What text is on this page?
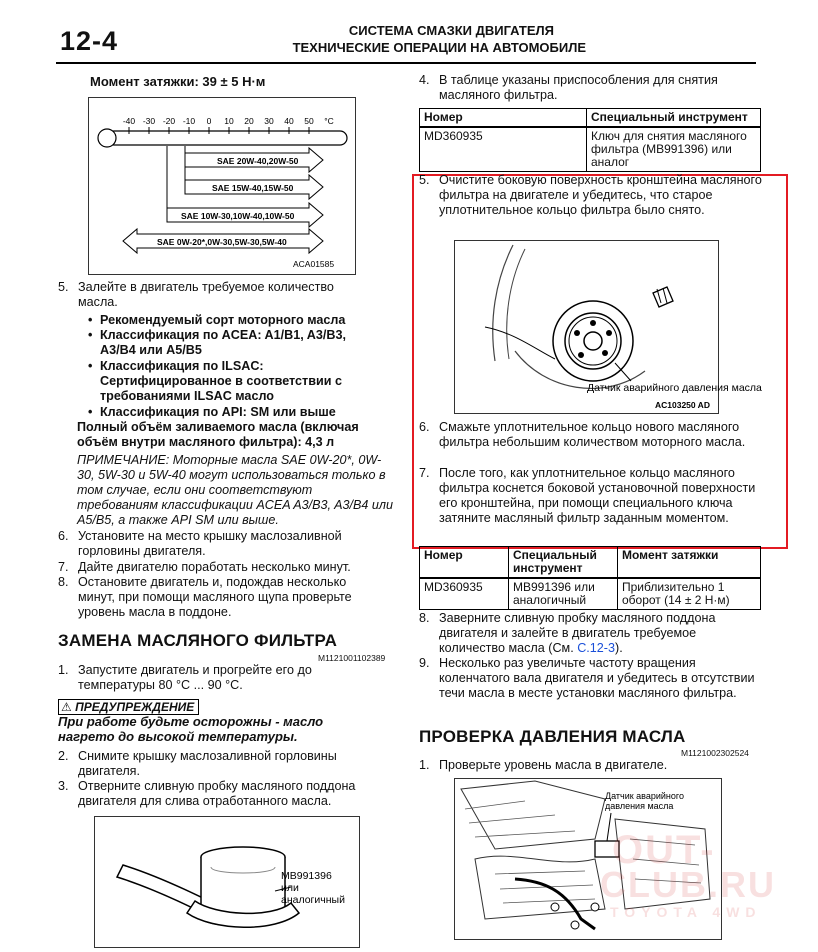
12-4	СИСТЕМА СМАЗКИ ДВИГАТЕЛЯ
ТЕХНИЧЕСКИЕ ОПЕРАЦИИ НА АВТОМОБИЛЕ
Момент затяжки: 39 ± 5 Н·м
-40 -30 -20 -10 0 10 20 30 40 50 °C
SAE 20W-40,20W-50
SAE 15W-40,15W-50
SAE 10W-30,10W-40,10W-50
SAE 0W-20*,0W-30,5W-30,5W-40
ACA01585
5. Залейте в двигатель требуемое количество масла.
• Рекомендуемый сорт моторного масла
• Классификация по ACEA: A1/B1, A3/B3, A3/B4 или A5/B5
• Классификация по ILSAC: Сертифицированное в соответствии с требованиями ILSAC масло
• Классификация по API: SM или выше
Полный объём заливаемого масла (включая объём внутри масляного фильтра): 4,3 л
ПРИМЕЧАНИЕ: Моторные масла SAE 0W-20*, 0W-30, 5W-30 и 5W-40 могут использоваться только в том случае, если они соответствуют требованиям классификации ACEA A3/B3, A3/B4 или A5/B5, а также API SM или выше.
6. Установите на место крышку маслозаливной горловины двигателя.
7. Дайте двигателю поработать несколько минут.
8. Остановите двигатель и, подождав несколько минут, при помощи масляного щупа проверьте уровень масла в поддоне.
ЗАМЕНА МАСЛЯНОГО ФИЛЬТРА
M1121001102389
1. Запустите двигатель и прогрейте его до температуры 80 °C ... 90 °C.
⚠ ПРЕДУПРЕЖДЕНИЕ
При работе будьте осторожны - масло нагрето до высокой температуры.
2. Снимите крышку маслозаливной горловины двигателя.
3. Отверните сливную пробку масляного поддона двигателя для слива отработанного масла.
MB991396 или аналогичный
4. В таблице указаны приспособления для снятия масляного фильтра.
Номер	Специальный инструмент
MD360935	Ключ для снятия масляного фильтра (MB991396) или аналог
5. Очистите боковую поверхность кронштейна масляного фильтра на двигателе и убедитесь, что старое уплотнительное кольцо фильтра было снято.
Датчик аварийного давления масла
AC103250 AD
6. Смажьте уплотнительное кольцо нового масляного фильтра небольшим количеством моторного масла.
7. После того, как уплотнительное кольцо масляного фильтра коснется боковой установочной поверхности его кронштейна, при помощи специального ключа затяните масляный фильтр заданным моментом.
Номер	Специальный инструмент	Момент затяжки
MD360935	MB991396 или аналогичный	Приблизительно 1 оборот (14 ± 2 Н·м)
8. Заверните сливную пробку масляного поддона двигателя и залейте в двигатель требуемое количество масла (См. С.12-3).
9. Несколько раз увеличьте частоту вращения коленчатого вала двигателя и убедитесь в отсутствии течи масла в месте установки масляного фильтра.
ПРОВЕРКА ДАВЛЕНИЯ МАСЛА
M1121002302524
1. Проверьте уровень масла в двигателе.
Датчик аварийного давления масла
OUT-
CLUB.RU
TOYOTA 4WD
